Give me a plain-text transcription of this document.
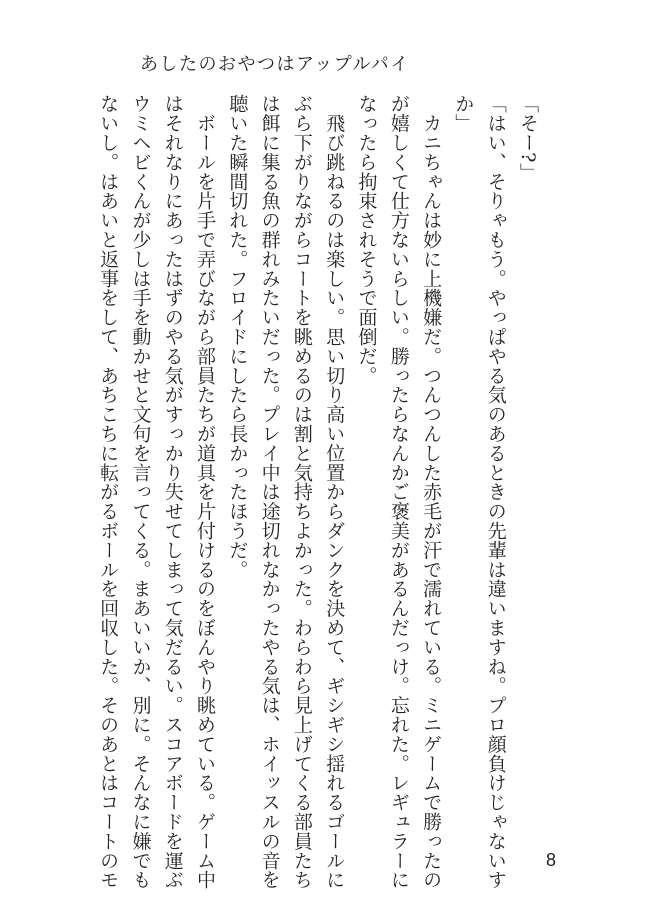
あしたのおやつはアップルパイ

「そー?」

「はい、そりゃもう。やっぱやる気のあるときの先輩は違いますね。プロ顔負けじゃないす

か」

　カニちゃんは妙に上機嫌だ。つんつんした赤毛が汗で濡れている。ミニゲームで勝ったの

が嬉しくて仕方ないらしい。勝ったらなんかご褒美があるんだっけ。忘れた。レギュラーに

なったら拘束されそうで面倒だ。

　飛び跳ねるのは楽しい。思い切り高い位置からダンクを決めて、ギシギシ揺れるゴールに

ぶら下がりながらコートを眺めるのは割と気持ちよかった。わらわら見上げてくる部員たち

は餌に集る魚の群れみたいだった。プレイ中は途切れなかったやる気は、ホイッスルの音を

聴いた瞬間切れた。フロイドにしたら長かったほうだ。

　ボールを片手で弄びながら部員たちが道具を片付けるのをぼんやり眺めている。ゲーム中

はそれなりにあったはずのやる気がすっかり失せてしまって気だるい。スコアボードを運ぶ

ウミヘビくんが少しは手を動かせと文句を言ってくる。まあいいか、別に。そんなに嫌でも

ないし。はあいと返事をして、あちこちに転がるボールを回収した。そのあとはコートのモ	8
